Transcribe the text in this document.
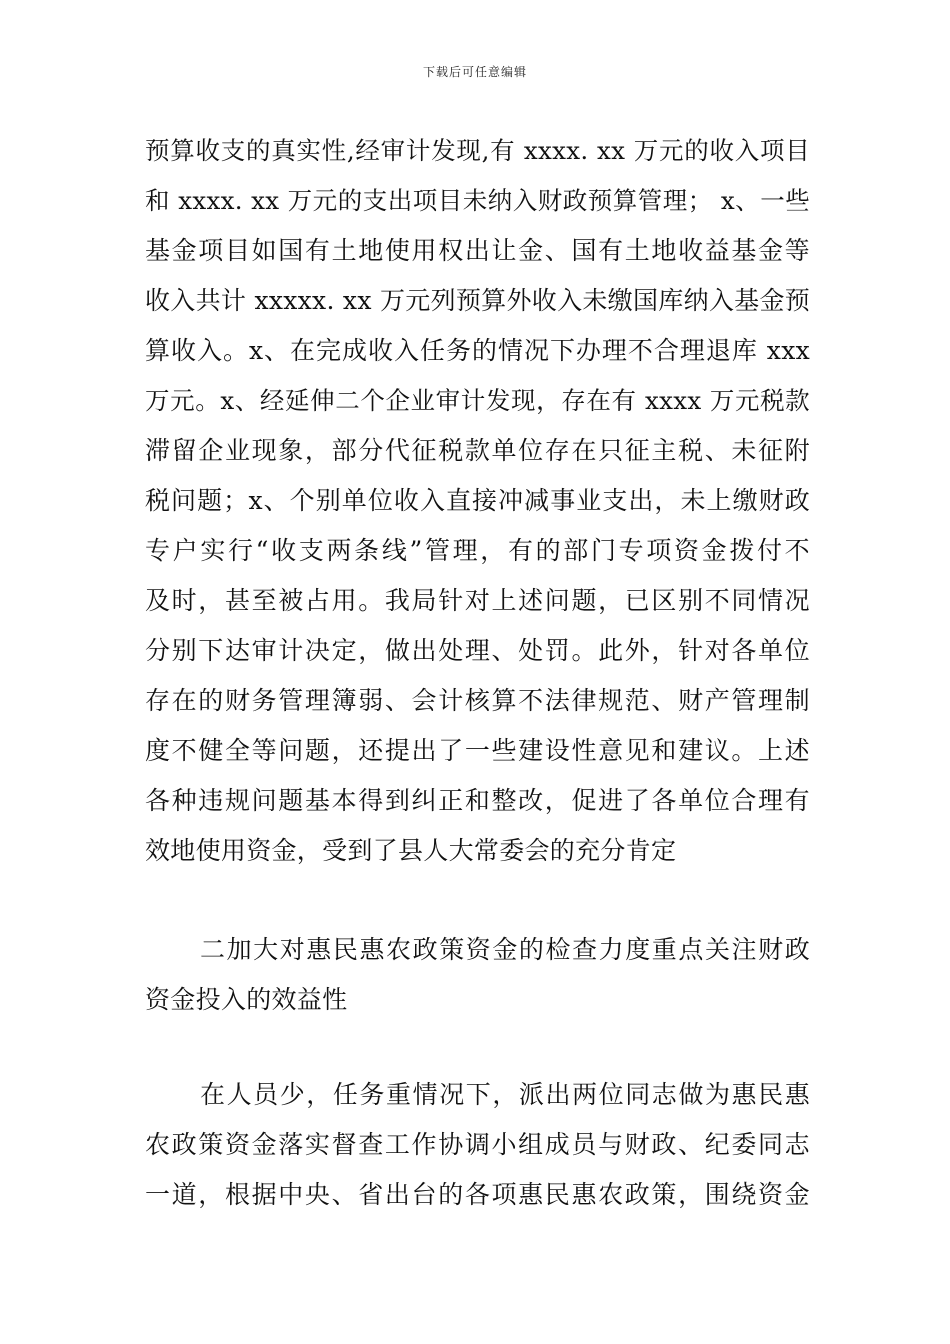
下载后可任意编辑
预算收支的真实性,经审计发现,有 xxxx. xx 万元的收入项目
和 xxxx. xx 万元的支出项目未纳入财政预算管理； x、一些
基金项目如国有土地使用权出让金、国有土地收益基金等
收入共计 xxxxx. xx 万元列预算外收入未缴国库纳入基金预
算收入。x、在完成收入任务的情况下办理不合理退库 xxx
万元。x、经延伸二个企业审计发现，存在有 xxxx 万元税款
滞留企业现象，部分代征税款单位存在只征主税、未征附
税问题；x、个别单位收入直接冲减事业支出，未上缴财政
专户实行“收支两条线”管理，有的部门专项资金拨付不
及时，甚至被占用。我局针对上述问题，已区别不同情况
分别下达审计决定，做出处理、处罚。此外，针对各单位
存在的财务管理簿弱、会计核算不法律规范、财产管理制
度不健全等问题，还提出了一些建设性意见和建议。上述
各种违规问题基本得到纠正和整改，促进了各单位合理有
效地使用资金，受到了县人大常委会的充分肯定
二加大对惠民惠农政策资金的检查力度重点关注财政
资金投入的效益性
在人员少，任务重情况下，派出两位同志做为惠民惠
农政策资金落实督查工作协调小组成员与财政、纪委同志
一道，根据中央、省出台的各项惠民惠农政策，围绕资金
